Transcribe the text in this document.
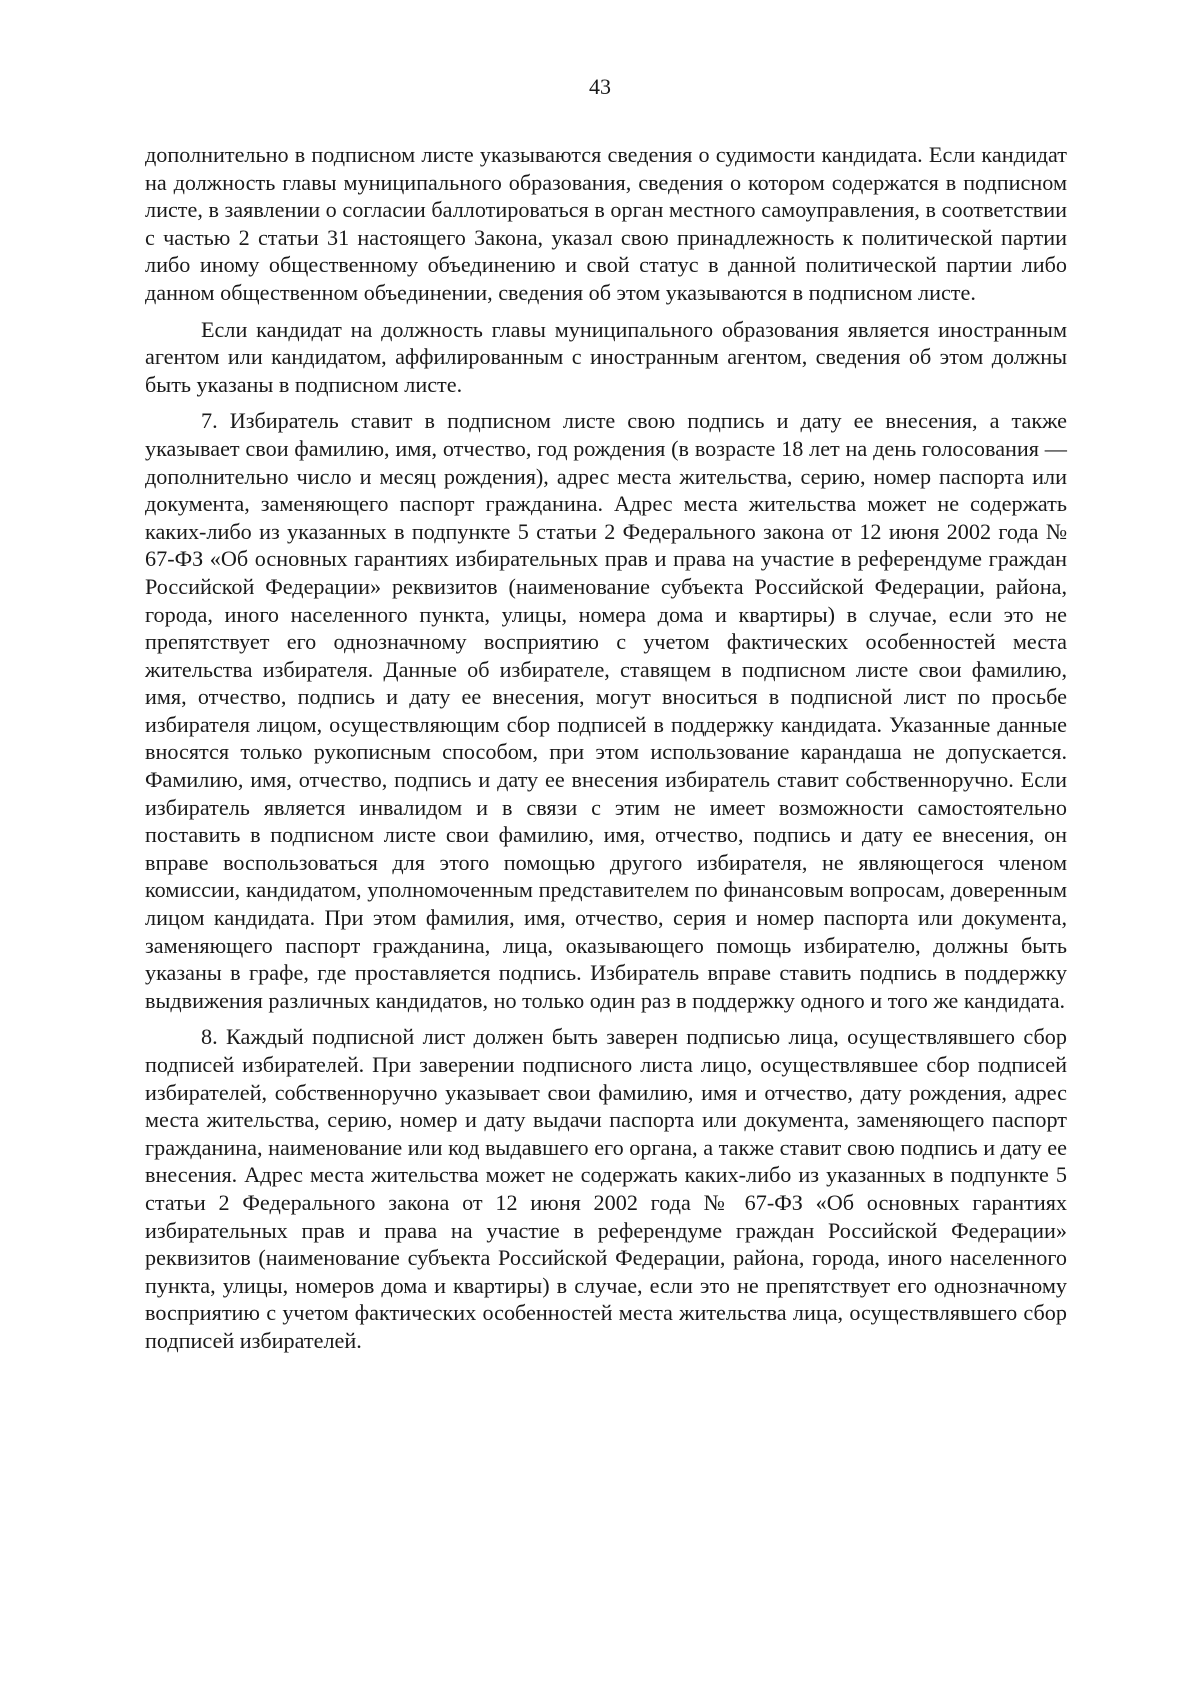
43

дополнительно в подписном листе указываются сведения о судимости кандидата. Если кандидат на должность главы муниципального образования, сведения о котором содержатся в подписном листе, в заявлении о согласии баллотироваться в орган местного самоуправления, в соответствии с частью 2 статьи 31 настоящего Закона, указал свою принадлежность к политической партии либо иному общественному объединению и свой статус в данной политической партии либо данном общественном объединении, сведения об этом указываются в подписном листе.

Если кандидат на должность главы муниципального образования является иностранным агентом или кандидатом, аффилированным с иностранным агентом, сведения об этом должны быть указаны в подписном листе.

7. Избиратель ставит в подписном листе свою подпись и дату ее внесения, а также указывает свои фамилию, имя, отчество, год рождения (в возрасте 18 лет на день голосования — дополнительно число и месяц рождения), адрес места жительства, серию, номер паспорта или документа, заменяющего паспорт гражданина. Адрес места жительства может не содержать каких-либо из указанных в подпункте 5 статьи 2 Федерального закона от 12 июня 2002 года № 67-ФЗ «Об основных гарантиях избирательных прав и права на участие в референдуме граждан Российской Федерации» реквизитов (наименование субъекта Российской Федерации, района, города, иного населенного пункта, улицы, номера дома и квартиры) в случае, если это не препятствует его однозначному восприятию с учетом фактических особенностей места жительства избирателя. Данные об избирателе, ставящем в подписном листе свои фамилию, имя, отчество, подпись и дату ее внесения, могут вноситься в подписной лист по просьбе избирателя лицом, осуществляющим сбор подписей в поддержку кандидата. Указанные данные вносятся только рукописным способом, при этом использование карандаша не допускается. Фамилию, имя, отчество, подпись и дату ее внесения избиратель ставит собственноручно. Если избиратель является инвалидом и в связи с этим не имеет возможности самостоятельно поставить в подписном листе свои фамилию, имя, отчество, подпись и дату ее внесения, он вправе воспользоваться для этого помощью другого избирателя, не являющегося членом комиссии, кандидатом, уполномоченным представителем по финансовым вопросам, доверенным лицом кандидата. При этом фамилия, имя, отчество, серия и номер паспорта или документа, заменяющего паспорт гражданина, лица, оказывающего помощь избирателю, должны быть указаны в графе, где проставляется подпись. Избиратель вправе ставить подпись в поддержку выдвижения различных кандидатов, но только один раз в поддержку одного и того же кандидата.

8. Каждый подписной лист должен быть заверен подписью лица, осуществлявшего сбор подписей избирателей. При заверении подписного листа лицо, осуществлявшее сбор подписей избирателей, собственноручно указывает свои фамилию, имя и отчество, дату рождения, адрес места жительства, серию, номер и дату выдачи паспорта или документа, заменяющего паспорт гражданина, наименование или код выдавшего его органа, а также ставит свою подпись и дату ее внесения. Адрес места жительства может не содержать каких-либо из указанных в подпункте 5 статьи 2 Федерального закона от 12 июня 2002 года № 67-ФЗ «Об основных гарантиях избирательных прав и права на участие в референдуме граждан Российской Федерации» реквизитов (наименование субъекта Российской Федерации, района, города, иного населенного пункта, улицы, номеров дома и квартиры) в случае, если это не препятствует его однозначному восприятию с учетом фактических особенностей места жительства лица, осуществлявшего сбор подписей избирателей.
